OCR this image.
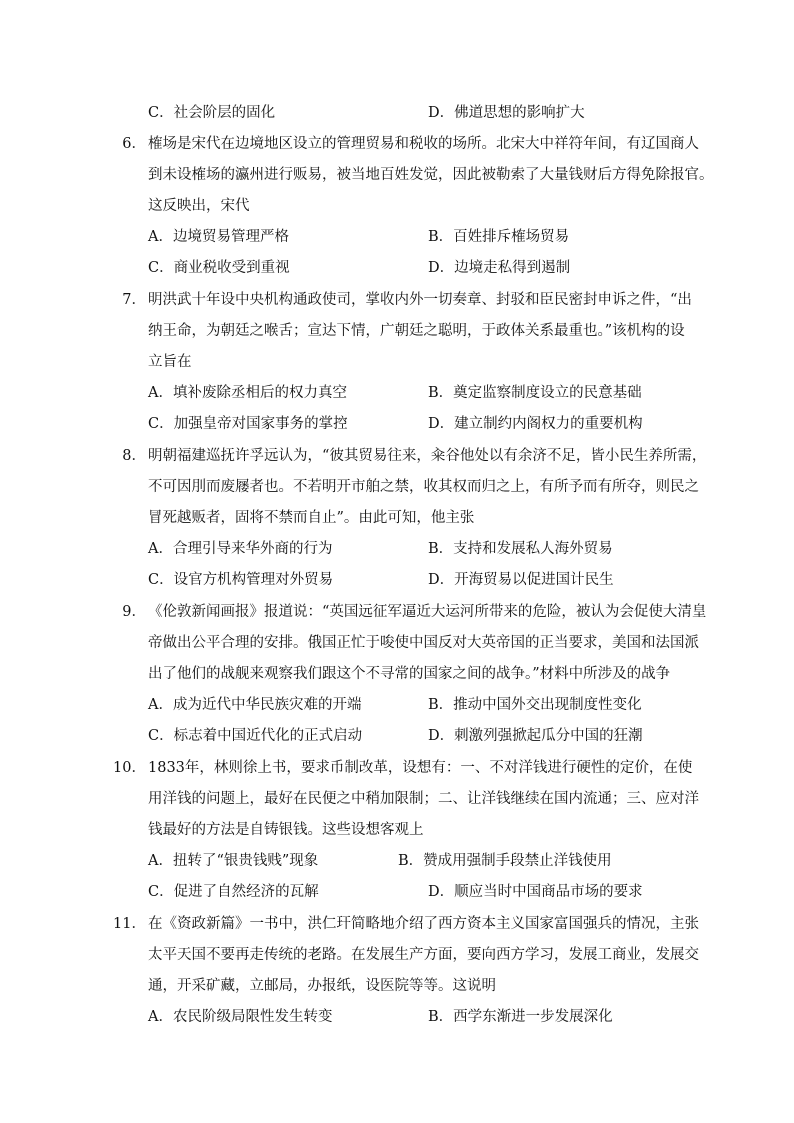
C．社会阶层的固化	D．佛道思想的影响扩大
6． 榷场是宋代在边境地区设立的管理贸易和税收的场所。北宋大中祥符年间，有辽国商人
到未设榷场的瀛州进行贩易，被当地百姓发觉，因此被勒索了大量钱财后方得免除报官。
这反映出，宋代
A．边境贸易管理严格	B．百姓排斥榷场贸易
C．商业税收受到重视	D．边境走私得到遏制
7． 明洪武十年设中央机构通政使司，掌收内外一切奏章、封驳和臣民密封申诉之件，“出
纳王命，为朝廷之喉舌；宣达下情，广朝廷之聪明，于政体关系最重也。”该机构的设
立旨在
A．填补废除丞相后的权力真空	B．奠定监察制度设立的民意基础
C．加强皇帝对国家事务的掌控	D．建立制约内阁权力的重要机构
8． 明朝福建巡抚许孚远认为，“彼其贸易往来，籴谷他处以有余济不足，皆小民生养所需，
不可因刖而废屦者也。不若明开市舶之禁，收其权而归之上，有所予而有所夺，则民之
冒死越贩者，固将不禁而自止”。由此可知，他主张
A．合理引导来华外商的行为	B．支持和发展私人海外贸易
C．设官方机构管理对外贸易	D．开海贸易以促进国计民生
9． 《伦敦新闻画报》报道说：“英国远征军逼近大运河所带来的危险，被认为会促使大清皇
帝做出公平合理的安排。俄国正忙于唆使中国反对大英帝国的正当要求，美国和法国派
出了他们的战舰来观察我们跟这个不寻常的国家之间的战争。”材料中所涉及的战争
A．成为近代中华民族灾难的开端	B．推动中国外交出现制度性变化
C．标志着中国近代化的正式启动	D．刺激列强掀起瓜分中国的狂潮
10． 1833年，林则徐上书，要求币制改革，设想有：一、不对洋钱进行硬性的定价，在使
用洋钱的问题上，最好在民便之中稍加限制；二、让洋钱继续在国内流通；三、应对洋
钱最好的方法是自铸银钱。这些设想客观上
A．扭转了“银贵钱贱”现象	B．赞成用强制手段禁止洋钱使用
C．促进了自然经济的瓦解	D．顺应当时中国商品市场的要求
11． 在《资政新篇》一书中，洪仁玕简略地介绍了西方资本主义国家富国强兵的情况，主张
太平天国不要再走传统的老路。在发展生产方面，要向西方学习，发展工商业，发展交
通，开采矿藏，立邮局，办报纸，设医院等等。这说明
A．农民阶级局限性发生转变	B．西学东渐进一步发展深化
